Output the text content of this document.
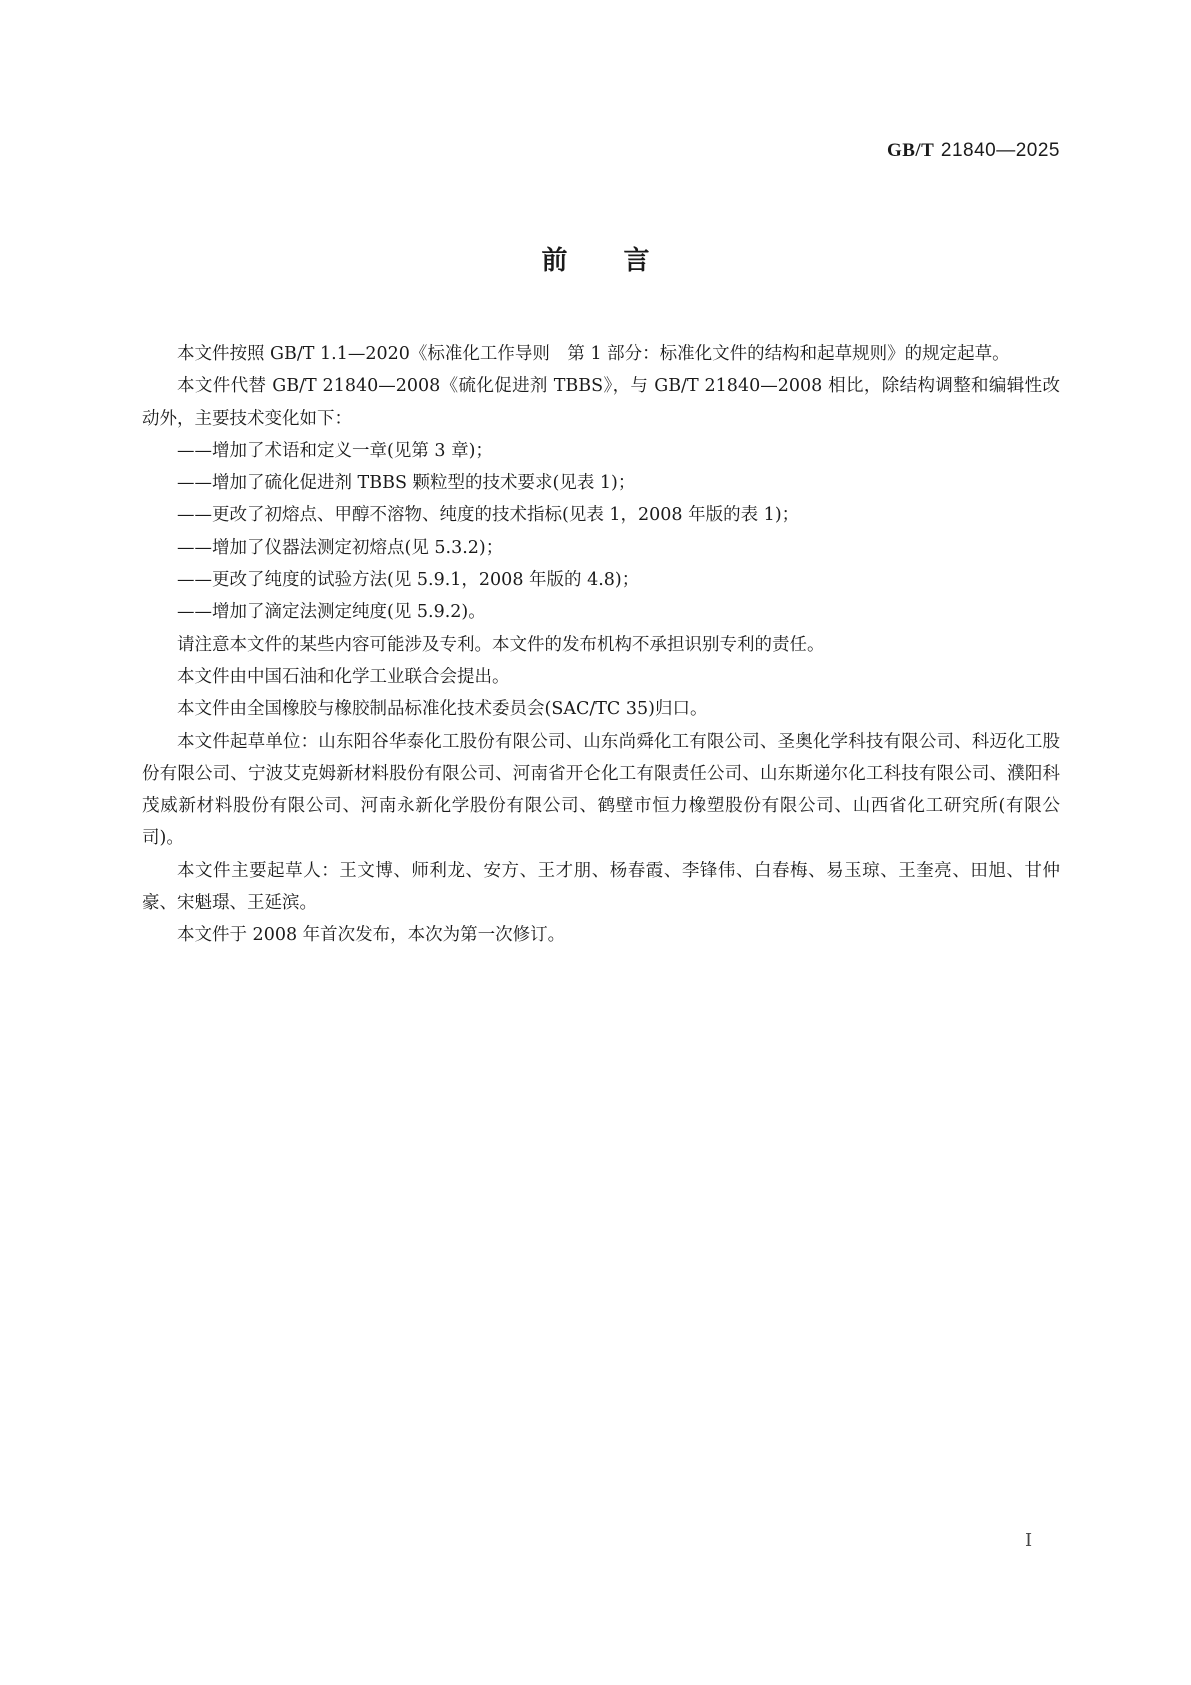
GB/T 21840—2025
前言

本文件按照 GB/T 1.1—2020《标准化工作导则　第 1 部分：标准化文件的结构和起草规则》的规定起草。

本文件代替 GB/T 21840—2008《硫化促进剂 TBBS》，与 GB/T 21840—2008 相比，除结构调整和编辑性改动外，主要技术变化如下：

——增加了术语和定义一章(见第 3 章)；

——增加了硫化促进剂 TBBS 颗粒型的技术要求(见表 1)；

——更改了初熔点、甲醇不溶物、纯度的技术指标(见表 1，2008 年版的表 1)；

——增加了仪器法测定初熔点(见 5.3.2)；

——更改了纯度的试验方法(见 5.9.1，2008 年版的 4.8)；

——增加了滴定法测定纯度(见 5.9.2)。

请注意本文件的某些内容可能涉及专利。本文件的发布机构不承担识别专利的责任。

本文件由中国石油和化学工业联合会提出。

本文件由全国橡胶与橡胶制品标准化技术委员会(SAC/TC 35)归口。

本文件起草单位：山东阳谷华泰化工股份有限公司、山东尚舜化工有限公司、圣奥化学科技有限公司、科迈化工股份有限公司、宁波艾克姆新材料股份有限公司、河南省开仑化工有限责任公司、山东斯递尔化工科技有限公司、濮阳科茂威新材料股份有限公司、河南永新化学股份有限公司、鹤壁市恒力橡塑股份有限公司、山西省化工研究所(有限公司)。

本文件主要起草人：王文博、师利龙、安方、王才朋、杨春霞、李锋伟、白春梅、易玉琼、王奎亮、田旭、甘仲豪、宋魁璟、王延滨。

本文件于 2008 年首次发布，本次为第一次修订。

I
